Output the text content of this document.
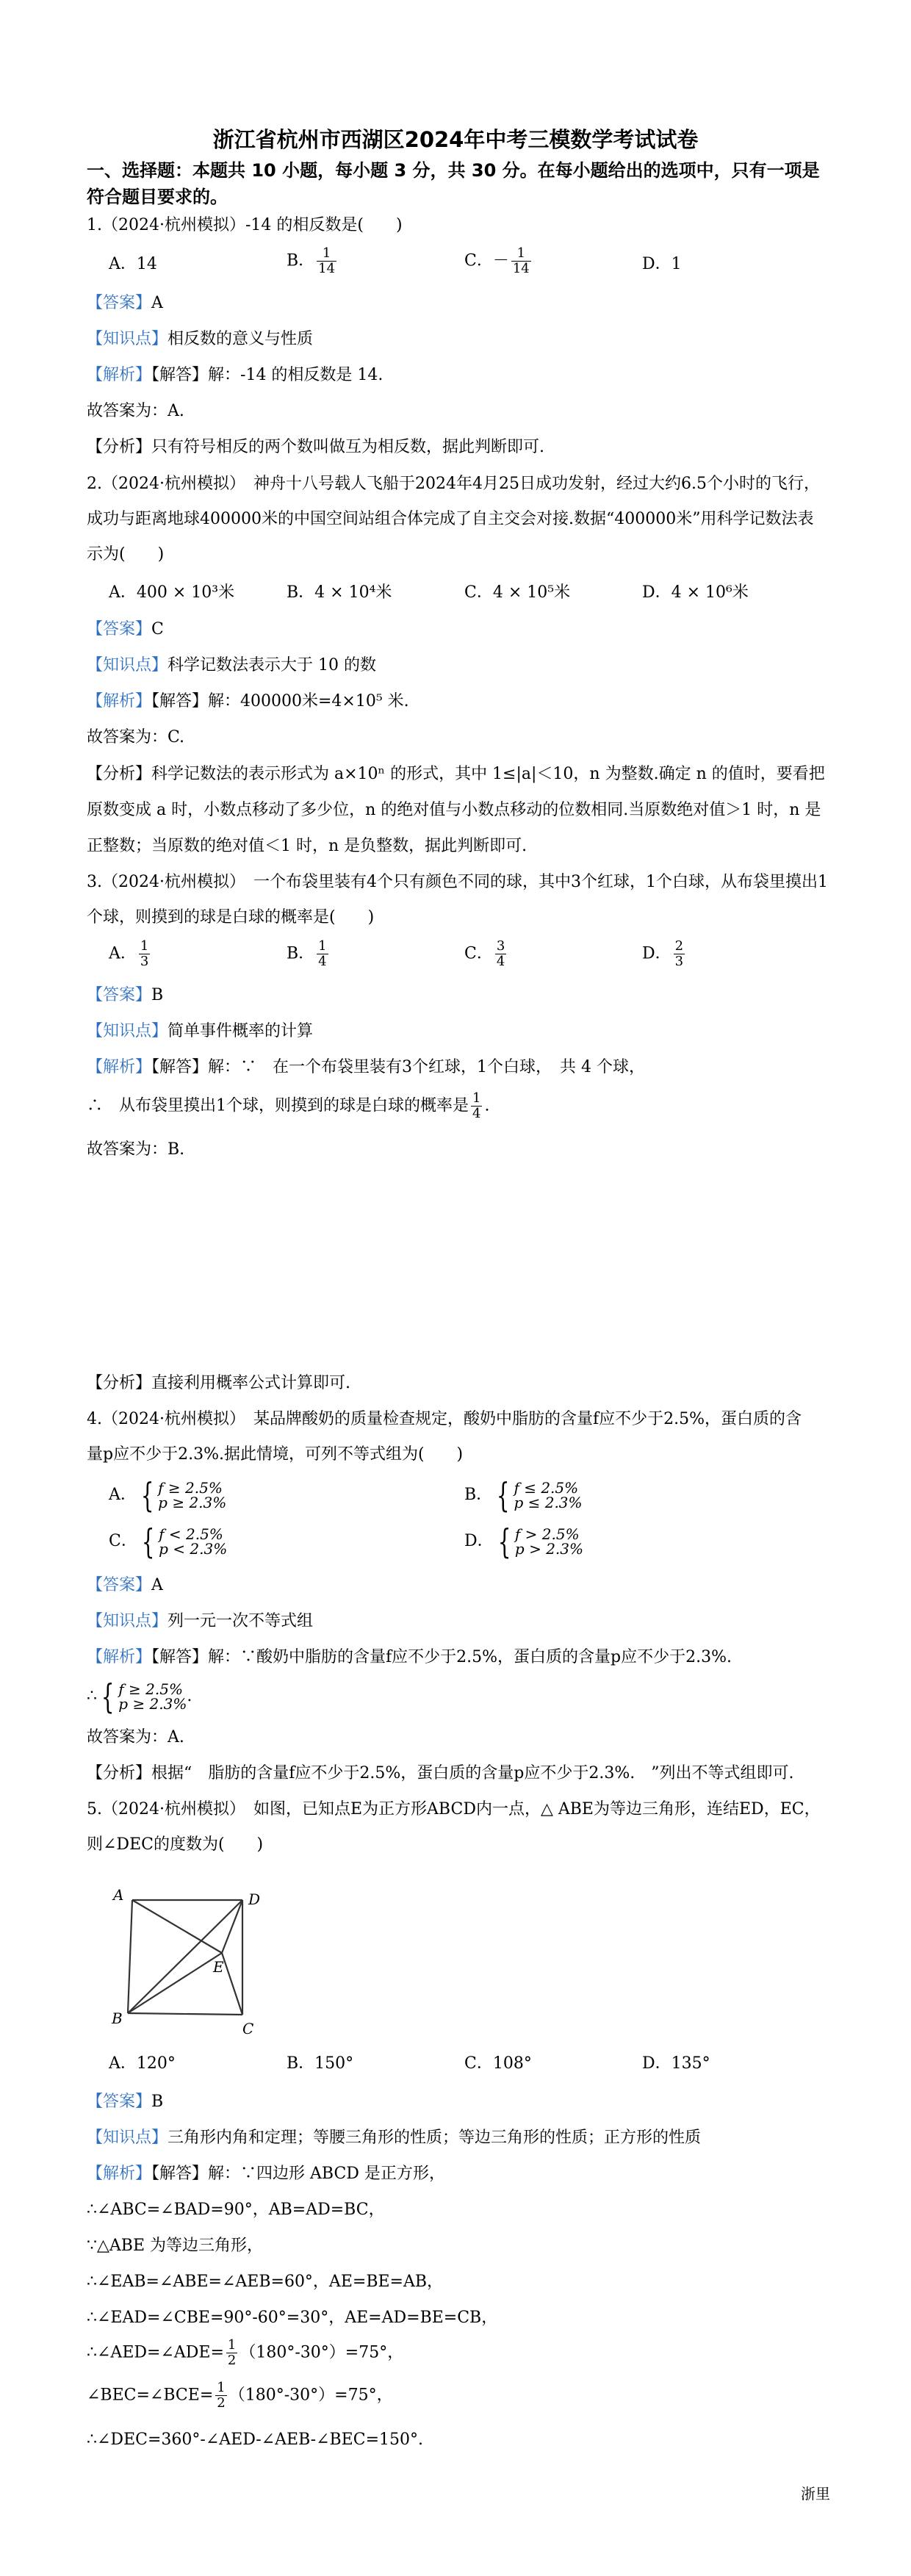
浙江省杭州市西湖区2024年中考三模数学考试试卷
一、选择题：本题共 10 小题，每小题 3 分，共 30 分。在每小题给出的选项中，只有一项是
符合题目要求的。
1.（2024·杭州模拟）-14 的相反数是(　　)
A．14	B． $\frac{1}{14}$	C．－ $\frac{1}{14}$	D．1
【答案】A
【知识点】相反数的意义与性质
【解析】【解答】解：-14 的相反数是 14.
故答案为：A.
【分析】只有符号相反的两个数叫做互为相反数，据此判断即可.
2.（2024·杭州模拟）　神舟十八号载人飞船于2024年4月25日成功发射，经过大约6.5个小时的飞行，
成功与距离地球400000米的中国空间站组合体完成了自主交会对接.数据“400000米”用科学记数法表
示为(　　)
A．400 × 10³米	B．4 × 10⁴米	C．4 × 10⁵米	D．4 × 10⁶米
【答案】C
【知识点】科学记数法表示大于 10 的数
【解析】【解答】解：400000米=4×10⁵ 米.
故答案为：C.
【分析】科学记数法的表示形式为 a×10ⁿ 的形式，其中 1≤|a|＜10，n 为整数.确定 n 的值时，要看把原数变成 a 时，小数点移动了多少位，n 的绝对值与小数点移动的位数相同.当原数绝对值＞1 时，n 是正整数；当原数的绝对值＜1 时，n 是负整数，据此判断即可.
3.（2024·杭州模拟）　一个布袋里装有4个只有颜色不同的球，其中3个红球，1个白球，从布袋里摸出1
个球，则摸到的球是白球的概率是(　　)
A． $\frac{1}{3}$	B． $\frac{1}{4}$	C． $\frac{3}{4}$	D． $\frac{2}{3}$
【答案】B
【知识点】简单事件概率的计算
【解析】【解答】解：∵　在一个布袋里装有3个红球，1个白球，　共 4 个球，
∴　从布袋里摸出1个球，则摸到的球是白球的概率是 $\frac{1}{4}$ .
故答案为：B.
【分析】直接利用概率公式计算即可.
4.（2024·杭州模拟）　某品牌酸奶的质量检查规定，酸奶中脂肪的含量f应不少于2.5%，蛋白质的含
量p应不少于2.3%.据此情境，可列不等式组为(　　)
A． { f ≥ 2.5%
p ≥ 2.3%	B． { f ≤ 2.5%
p ≤ 2.3%
C． { f < 2.5%
p < 2.3%	D． { f > 2.5%
p > 2.3%
【答案】A
【知识点】列一元一次不等式组
【解析】【解答】解：∵酸奶中脂肪的含量f应不少于2.5%，蛋白质的含量p应不少于2.3%.
∴ { f ≥ 2.5%
p ≥ 2.3% .
故答案为：A.
【分析】根据“　脂肪的含量f应不少于2.5%，蛋白质的含量p应不少于2.3%.　”列出不等式组即可.
5.（2024·杭州模拟）　如图，已知点E为正方形ABCD内一点，△ ABE为等边三角形，连结ED，EC，
则∠DEC的度数为(　　)
A	D
E
B
C
A．120°	B．150°	C．108°	D．135°
【答案】B
【知识点】三角形内角和定理；等腰三角形的性质；等边三角形的性质；正方形的性质
【解析】【解答】解：∵四边形 ABCD 是正方形，
∴∠ABC=∠BAD=90°，AB=AD=BC，
∵△ABE 为等边三角形，
∴∠EAB=∠ABE=∠AEB=60°，AE=BE=AB，
∴∠EAD=∠CBE=90°-60°=30°，AE=AD=BE=CB，
∴∠AED=∠ADE= $\frac{1}{2} (180^\circ-30^\circ)=75^\circ$，
∠BEC=∠BCE= $\frac{1}{2} (180^\circ-30^\circ)=75^\circ$，
∴∠DEC=360°-∠AED-∠AEB-∠BEC=150°.
浙里
